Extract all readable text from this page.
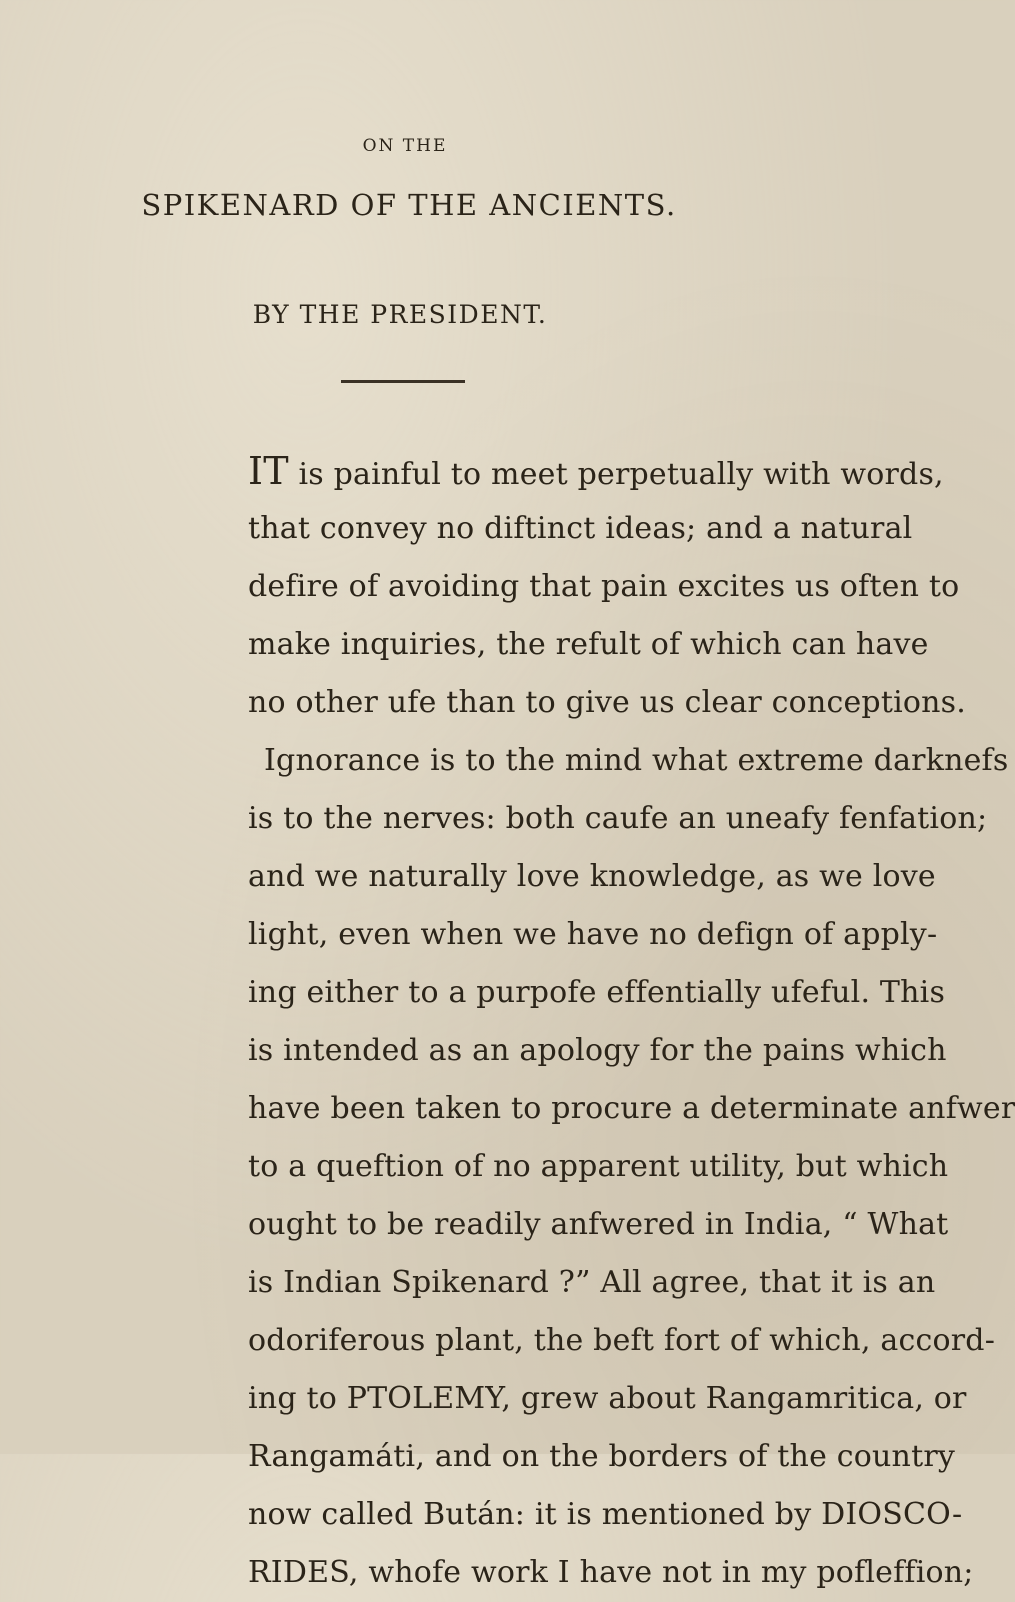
ON THE
SPIKENARD OF THE ANCIENTS.
BY THE PRESIDENT.
IT is painful to meet perpetually with words,
that convey no diftinct ideas; and a natural
defire of avoiding that pain excites us often to
make inquiries, the refult of which can have
no other ufe than to give us clear conceptions.
Ignorance is to the mind what extreme darknefs
is to the nerves: both caufe an uneafy fenfation;
and we naturally love knowledge, as we love
light, even when we have no defign of apply-
ing either to a purpofe effentially ufeful. This
is intended as an apology for the pains which
have been taken to procure a determinate anfwer
to a queftion of no apparent utility, but which
ought to be readily anfwered in India, “ What
is Indian Spikenard ?” All agree, that it is an
odoriferous plant, the beft fort of which, accord-
ing to PTOLEMY, grew about Rangamritica, or
Rangamáti, and on the borders of the country
now called Bután: it is mentioned by DIOSCO-
RIDES, whofe work I have not in my pofleffion;
